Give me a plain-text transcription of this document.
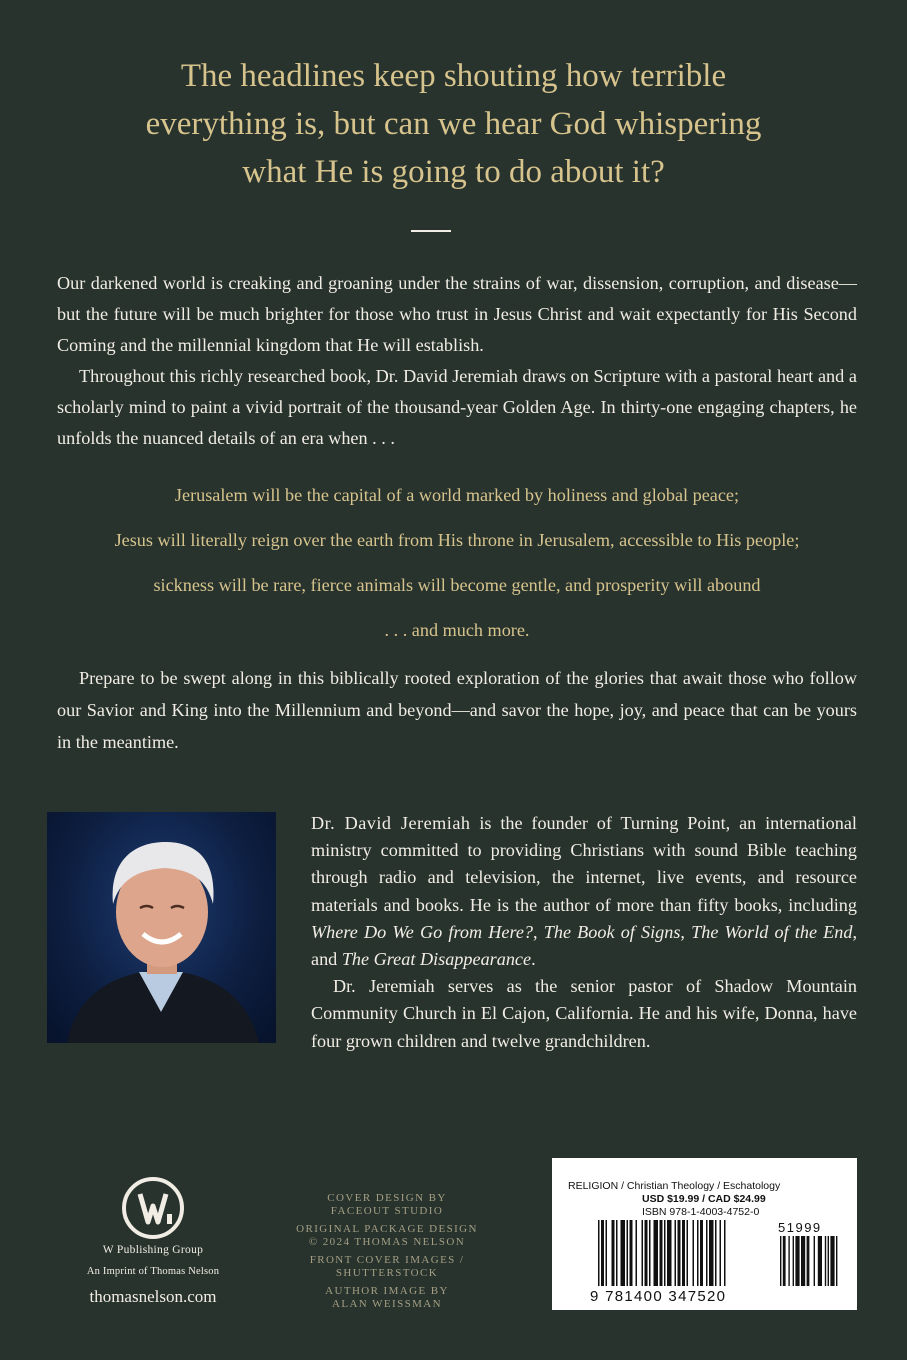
The headlines keep shouting how terrible
everything is, but can we hear God whispering
what He is going to do about it?

Our darkened world is creaking and groaning under the strains of war, dissension, corruption, and disease—but the future will be much brighter for those who trust in Jesus Christ and wait expectantly for His Second Coming and the millennial kingdom that He will establish.

Throughout this richly researched book, Dr. David Jeremiah draws on Scripture with a pastoral heart and a scholarly mind to paint a vivid portrait of the thousand-year Golden Age. In thirty-one engaging chapters, he unfolds the nuanced details of an era when . . .

Jerusalem will be the capital of a world marked by holiness and global peace;
Jesus will literally reign over the earth from His throne in Jerusalem, accessible to His people;
sickness will be rare, fierce animals will become gentle, and prosperity will abound
. . . and much more.

Prepare to be swept along in this biblically rooted exploration of the glories that await those who follow our Savior and King into the Millennium and beyond—and savor the hope, joy, and peace that can be yours in the meantime.

Dr. David Jeremiah is the founder of Turning Point, an international ministry committed to providing Christians with sound Bible teaching through radio and television, the internet, live events, and resource materials and books. He is the author of more than fifty books, including Where Do We Go from Here?, The Book of Signs, The World of the End, and The Great Disappearance.

Dr. Jeremiah serves as the senior pastor of Shadow Mountain Community Church in El Cajon, California. He and his wife, Donna, have four grown children and twelve grandchildren.

W Publishing Group
An Imprint of Thomas Nelson
thomasnelson.com
COVER DESIGN BY
FACEOUT STUDIO
ORIGINAL PACKAGE DESIGN
© 2024 THOMAS NELSON
FRONT COVER IMAGES /
SHUTTERSTOCK
AUTHOR IMAGE BY
ALAN WEISSMAN
RELIGION / Christian Theology / Eschatology
USD $19.99 / CAD $24.99
ISBN 978-1-4003-4752-0
51999
9 781400 347520
